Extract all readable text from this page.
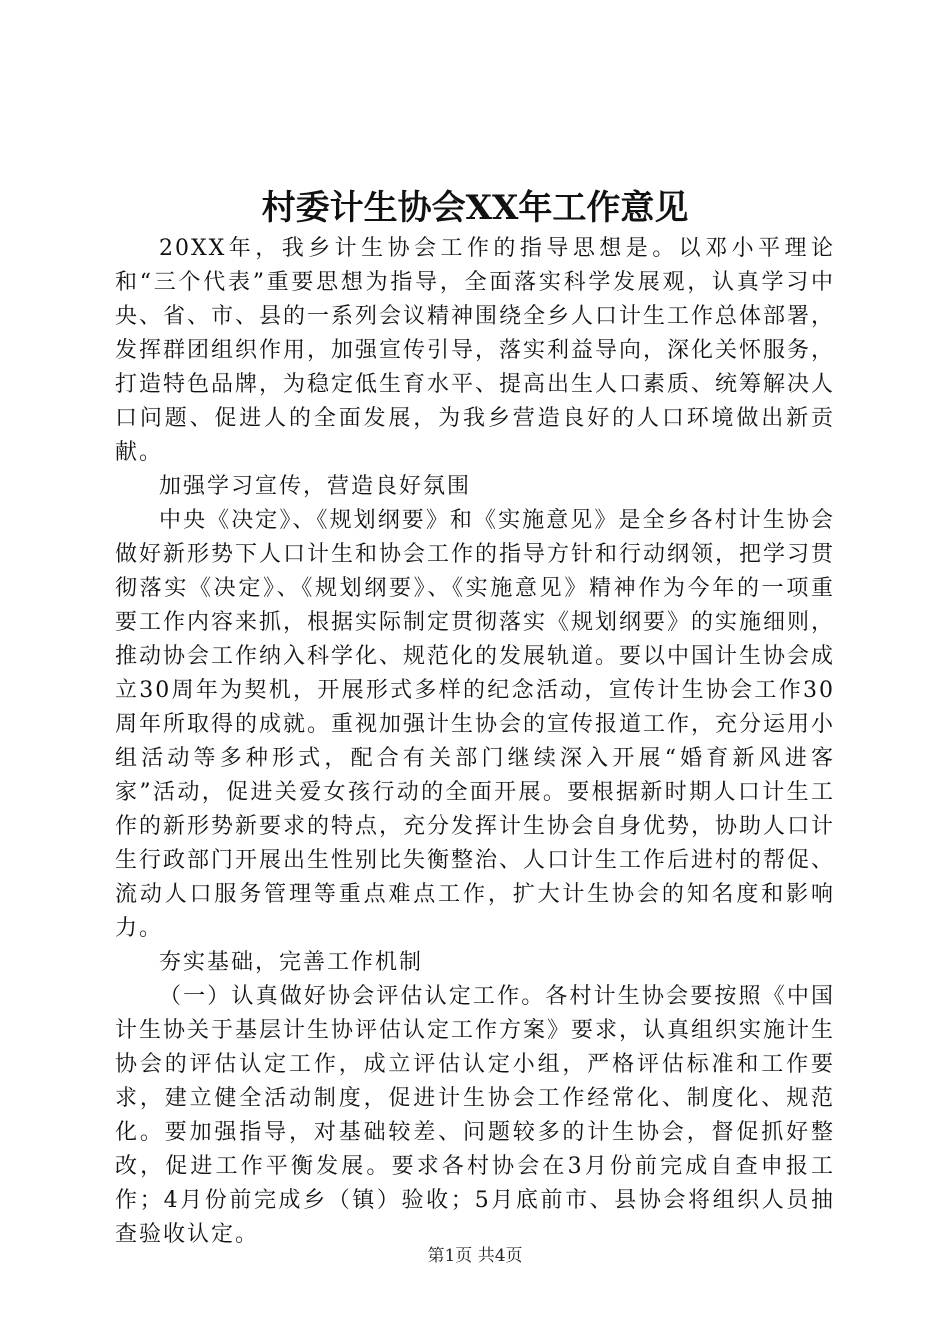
村委计生协会XX年工作意见

20XX年，我乡计生协会工作的指导思想是。以邓小平理论和“三个代表”重要思想为指导，全面落实科学发展观，认真学习中央、省、市、县的一系列会议精神围绕全乡人口计生工作总体部署，发挥群团组织作用，加强宣传引导，落实利益导向，深化关怀服务，打造特色品牌，为稳定低生育水平、提高出生人口素质、统筹解决人口问题、促进人的全面发展，为我乡营造良好的人口环境做出新贡献。

加强学习宣传，营造良好氛围

中央《决定》、《规划纲要》和《实施意见》是全乡各村计生协会做好新形势下人口计生和协会工作的指导方针和行动纲领，把学习贯彻落实《决定》、《规划纲要》、《实施意见》精神作为今年的一项重要工作内容来抓，根据实际制定贯彻落实《规划纲要》的实施细则，推动协会工作纳入科学化、规范化的发展轨道。要以中国计生协会成立30周年为契机，开展形式多样的纪念活动，宣传计生协会工作30周年所取得的成就。重视加强计生协会的宣传报道工作，充分运用小组活动等多种形式，配合有关部门继续深入开展“婚育新风进客家”活动，促进关爱女孩行动的全面开展。要根据新时期人口计生工作的新形势新要求的特点，充分发挥计生协会自身优势，协助人口计生行政部门开展出生性别比失衡整治、人口计生工作后进村的帮促、流动人口服务管理等重点难点工作，扩大计生协会的知名度和影响力。

夯实基础，完善工作机制

（一）认真做好协会评估认定工作。各村计生协会要按照《中国计生协关于基层计生协评估认定工作方案》要求，认真组织实施计生协会的评估认定工作，成立评估认定小组，严格评估标准和工作要求，建立健全活动制度，促进计生协会工作经常化、制度化、规范化。要加强指导，对基础较差、问题较多的计生协会，督促抓好整改，促进工作平衡发展。要求各村协会在3月份前完成自查申报工作；4月份前完成乡（镇）验收；5月底前市、县协会将组织人员抽查验收认定。

第1页 共4页
